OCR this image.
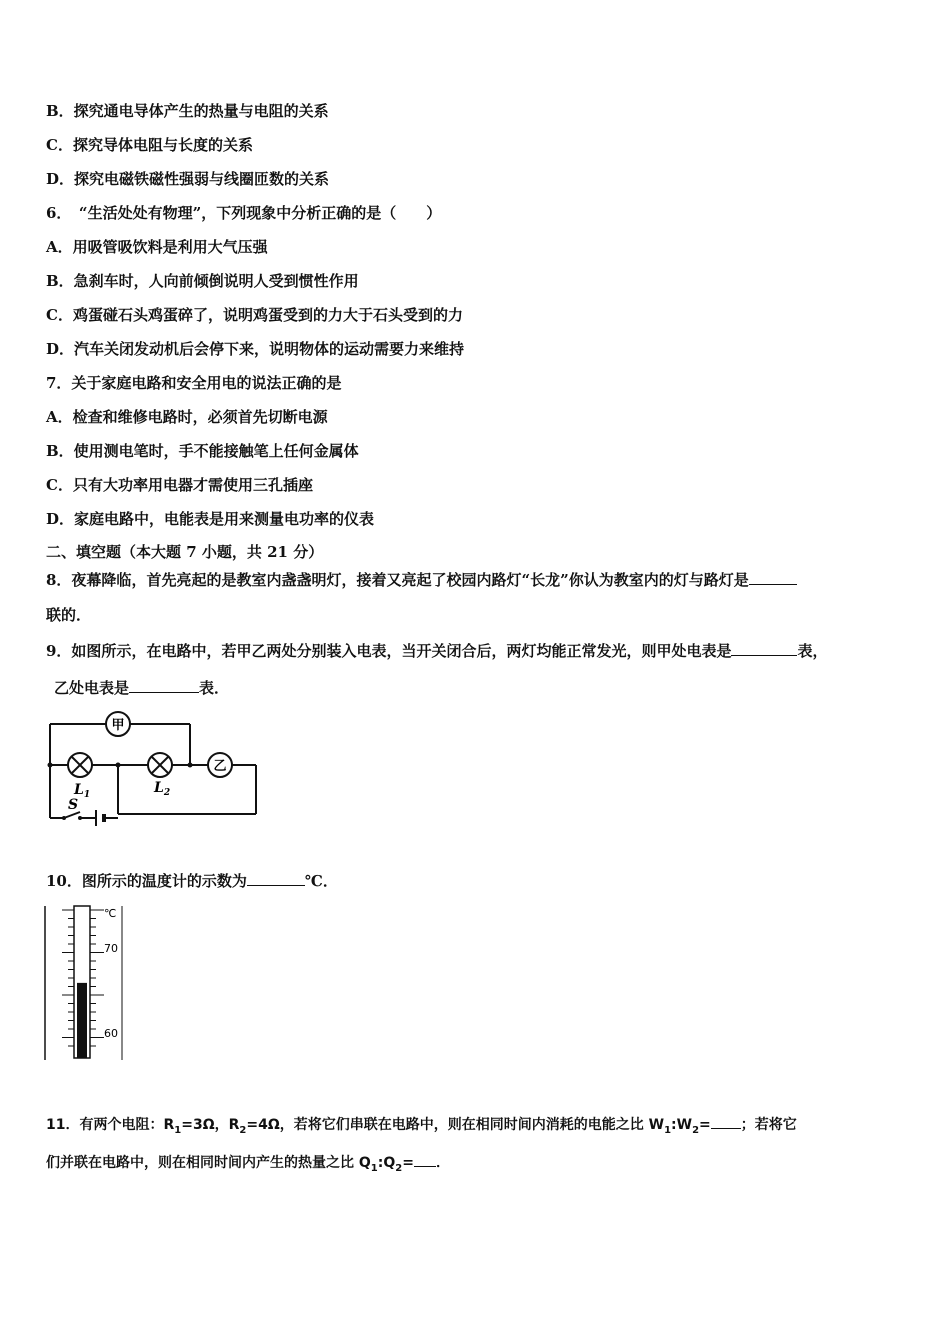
B．探究通电导体产生的热量与电阻的关系
C．探究导体电阻与长度的关系
D．探究电磁铁磁性强弱与线圈匝数的关系
6．　“生活处处有物理”，下列现象中分析正确的是（　　）
A．用吸管吸饮料是利用大气压强
B．急刹车时，人向前倾倒说明人受到惯性作用
C．鸡蛋碰石头鸡蛋碎了，说明鸡蛋受到的力大于石头受到的力
D．汽车关闭发动机后会停下来，说明物体的运动需要力来维持
7．关于家庭电路和安全用电的说法正确的是
A．检查和维修电路时，必须首先切断电源
B．使用测电笔时，手不能接触笔上任何金属体
C．只有大功率用电器才需使用三孔插座
D．家庭电路中，电能表是用来测量电功率的仪表
二、填空题（本大题 7 小题，共 21 分）
8．夜幕降临，首先亮起的是教室内盏盏明灯，接着又亮起了校园内路灯“长龙”你认为教室内的灯与路灯是
联的．
9．如图所示，在电路中，若甲乙两处分别装入电表，当开关闭合后，两灯均能正常发光，则甲处电表是	表，
乙处电表是	表．
甲
乙
$L_1$	$L_2$
S
10．图所示的温度计的示数为	℃．
℃
70
60
11．有两个电阻：$R_1=3\Omega$，$R_2=4\Omega$，若将它们串联在电路中，则在相同时间内消耗的电能之比 $W_1:W_2=$ ；若将它
们并联在电路中，则在相同时间内产生的热量之比 $Q_1:Q_2=$ ．
